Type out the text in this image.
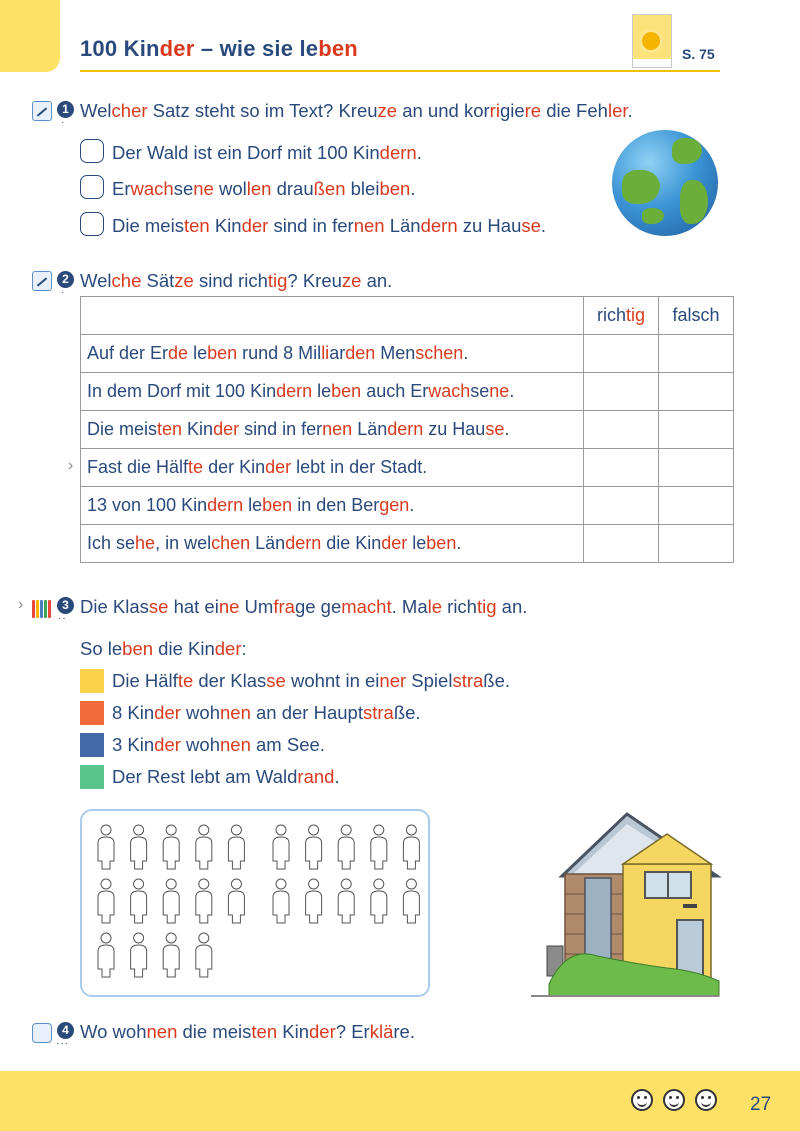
100 Kinder – wie sie leben	S. 75
1
·
Welcher Satz steht so im Text? Kreuze an und korrigiere die Fehler.
Der Wald ist ein Dorf mit 100 Kindern.
Erwachsene wollen draußen bleiben.
Die meisten Kinder sind in fernen Ländern zu Hause.
2
·
Welche Sätze sind richtig? Kreuze an.
	richtig	falsch
Auf der Erde leben rund 8 Milliarden Menschen.		
In dem Dorf mit 100 Kindern leben auch Erwachsene.		
Die meisten Kinder sind in fernen Ländern zu Hause.		
Fast die Hälfte der Kinder lebt in der Stadt.		
13 von 100 Kindern leben in den Bergen.		
Ich sehe, in welchen Ländern die Kinder leben.		
›
›	3
··
Die Klasse hat eine Umfrage gemacht. Male richtig an.
So leben die Kinder:
Die Hälfte der Klasse wohnt in einer Spielstraße.
8 Kinder wohnen an der Hauptstraße.
3 Kinder wohnen am See.
Der Rest lebt am Waldrand.
4
···
Wo wohnen die meisten Kinder? Erkläre.
27
